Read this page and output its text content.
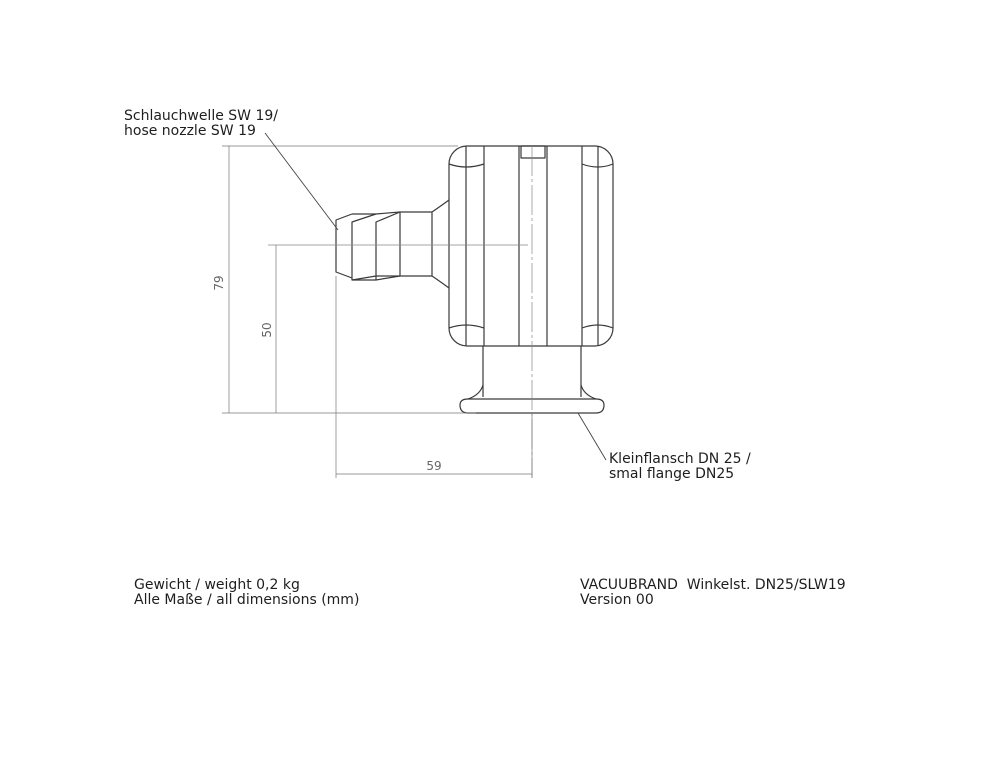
79
50
59
Schlauchwelle SW 19/
hose nozzle SW 19
Kleinflansch DN 25 /
smal flange DN25
Gewicht / weight 0,2 kg
Alle Maße / all dimensions (mm)
VACUUBRAND  Winkelst. DN25/SLW19
Version 00
